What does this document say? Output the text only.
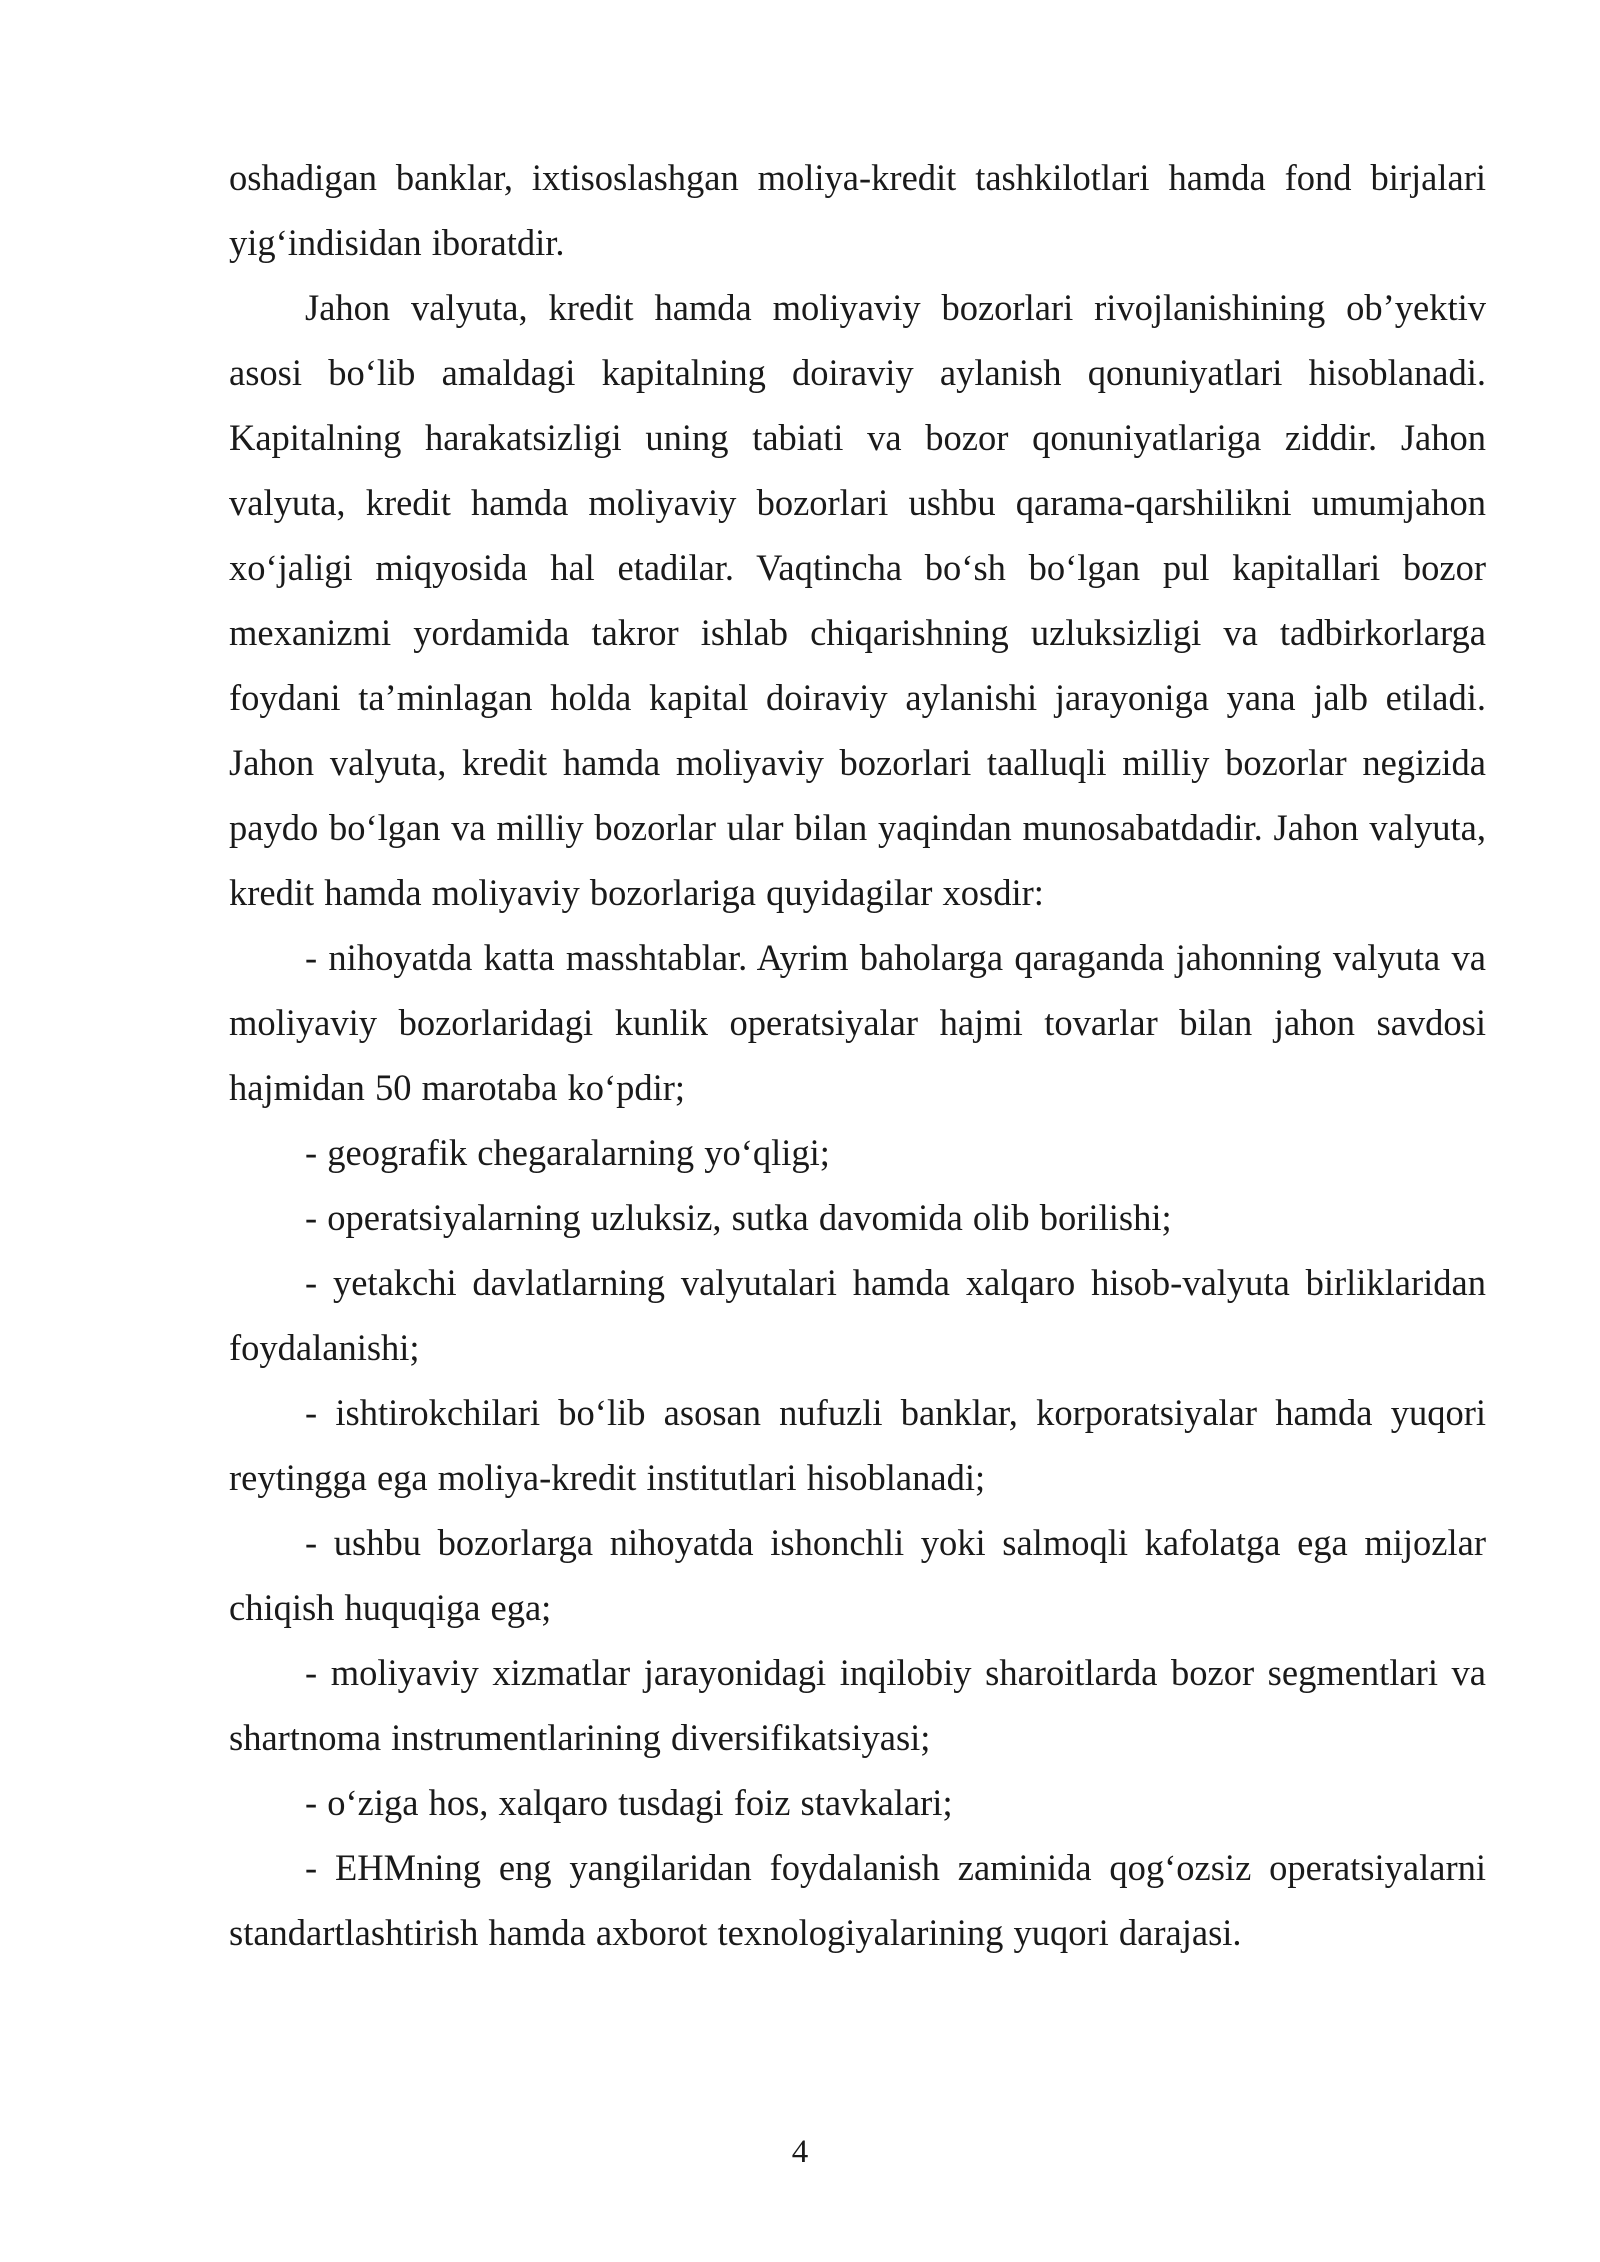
oshadigan banklar, ixtisoslashgan moliya-kredit tashkilotlari hamda fond birjalari yig‘indisidan iboratdir.

Jahon valyuta, kredit hamda moliyaviy bozorlari rivojlanishining ob’yektiv asosi bo‘lib amaldagi kapitalning doiraviy aylanish qonuniyatlari hisoblanadi. Kapitalning harakatsizligi uning tabiati va bozor qonuniyatlariga ziddir. Jahon valyuta, kredit hamda moliyaviy bozorlari ushbu qarama-qarshilikni umumjahon xo‘jaligi miqyosida hal etadilar. Vaqtincha bo‘sh bo‘lgan pul kapitallari bozor mexanizmi yordamida takror ishlab chiqarishning uzluksizligi va tadbirkorlarga foydani ta’minlagan holda kapital doiraviy aylanishi jarayoniga yana jalb etiladi. Jahon valyuta, kredit hamda moliyaviy bozorlari taalluqli milliy bozorlar negizida paydo bo‘lgan va milliy bozorlar ular bilan yaqindan munosabatdadir. Jahon valyuta, kredit hamda moliyaviy bozorlariga quyidagilar xosdir:

- nihoyatda katta masshtablar. Ayrim baholarga qaraganda jahonning valyuta va moliyaviy bozorlaridagi kunlik operatsiyalar hajmi tovarlar bilan jahon savdosi hajmidan 50 marotaba ko‘pdir;

- geografik chegaralarning yo‘qligi;

- operatsiyalarning uzluksiz, sutka davomida olib borilishi;

- yetakchi davlatlarning valyutalari hamda xalqaro hisob-valyuta birliklaridan foydalanishi;

- ishtirokchilari bo‘lib asosan nufuzli banklar, korporatsiyalar hamda yuqori reytingga ega moliya-kredit institutlari hisoblanadi;

- ushbu bozorlarga nihoyatda ishonchli yoki salmoqli kafolatga ega mijozlar chiqish huquqiga ega;

- moliyaviy xizmatlar jarayonidagi inqilobiy sharoitlarda bozor segmentlari va shartnoma instrumentlarining diversifikatsiyasi;

- o‘ziga hos, xalqaro tusdagi foiz stavkalari;

- EHMning eng yangilaridan foydalanish zaminida qog‘ozsiz operatsiyalarni standartlashtirish hamda axborot texnologiyalarining yuqori darajasi.

4
